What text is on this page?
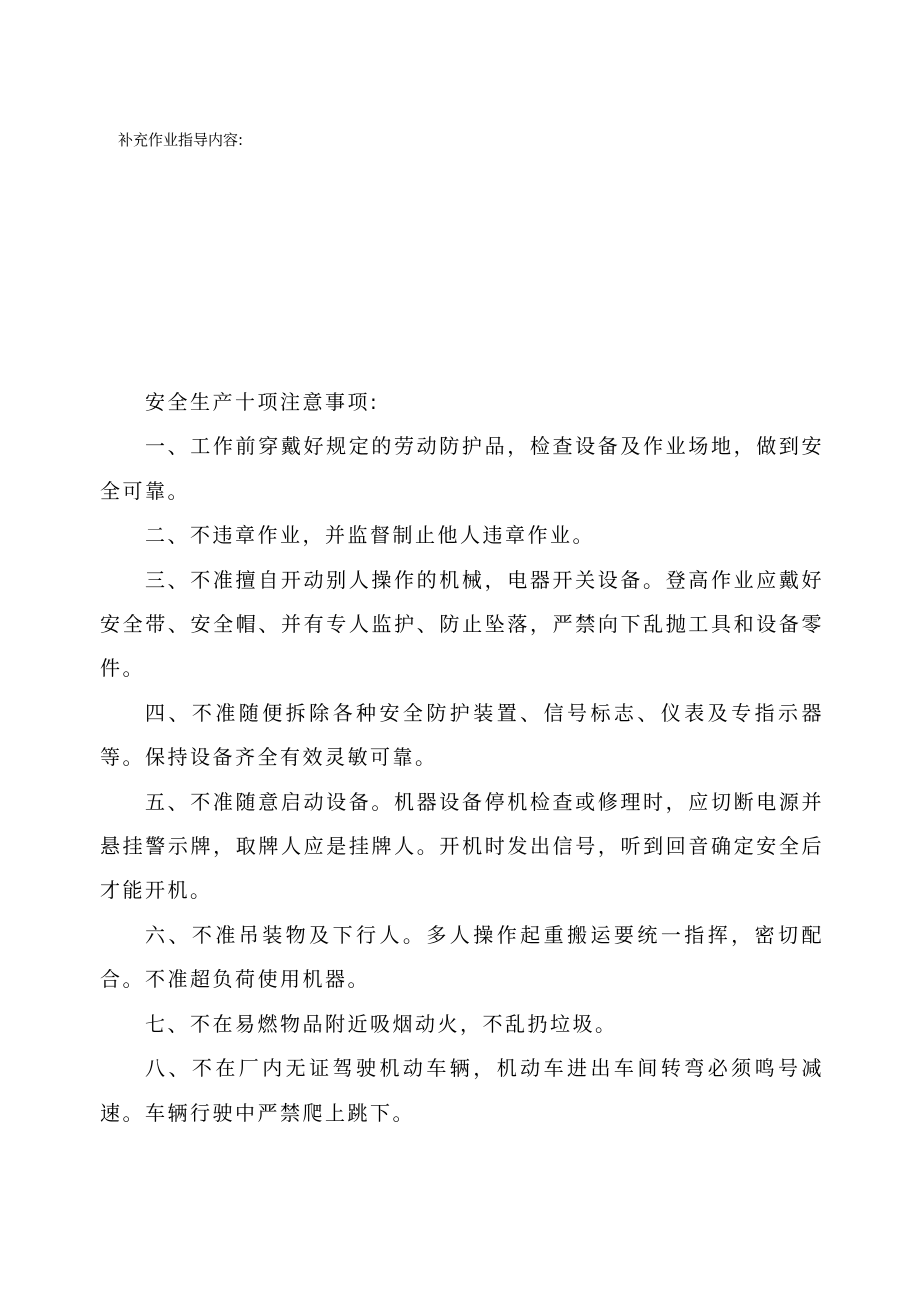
补充作业指导内容:

安全生产十项注意事项:

一、工作前穿戴好规定的劳动防护品，检查设备及作业场地，做到安全可靠。

二、不违章作业，并监督制止他人违章作业。

三、不准擅自开动别人操作的机械，电器开关设备。登高作业应戴好安全带、安全帽、并有专人监护、防止坠落，严禁向下乱抛工具和设备零件。

四、不准随便拆除各种安全防护装置、信号标志、仪表及专指示器等。保持设备齐全有效灵敏可靠。

五、不准随意启动设备。机器设备停机检查或修理时，应切断电源并悬挂警示牌，取牌人应是挂牌人。开机时发出信号，听到回音确定安全后才能开机。

六、不准吊装物及下行人。多人操作起重搬运要统一指挥，密切配合。不准超负荷使用机器。

七、不在易燃物品附近吸烟动火，不乱扔垃圾。

八、不在厂内无证驾驶机动车辆，机动车进出车间转弯必须鸣号减速。车辆行驶中严禁爬上跳下。
